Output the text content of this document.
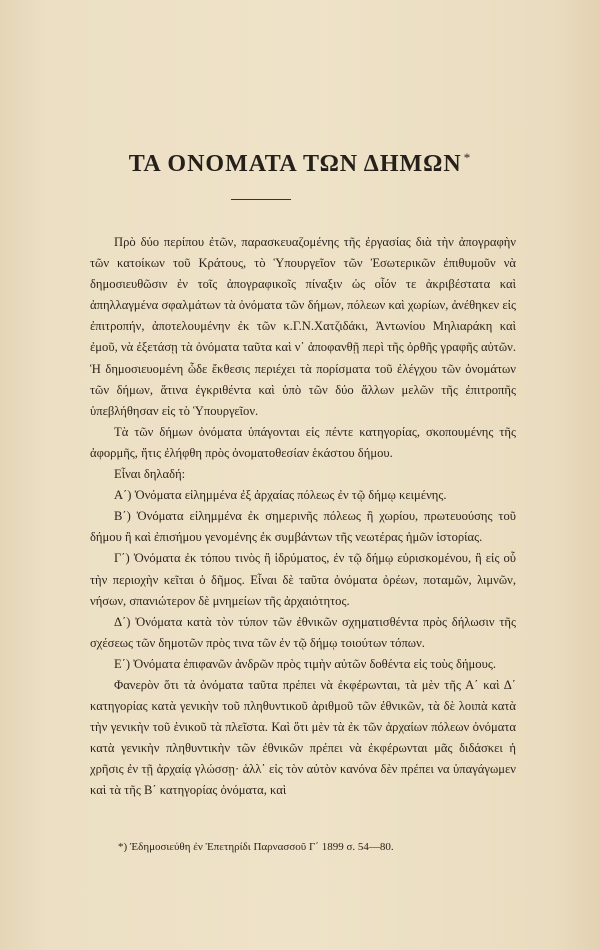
ΤΑ ΟΝΟΜΑΤΑ ΤΩΝ ΔΗΜΩΝ *

Πρὸ δύο περίπου ἐτῶν, παρασκευαζομένης τῆς ἐργασίας διὰ τὴν ἀπογραφὴν τῶν κατοίκων τοῦ Κράτους, τὸ Ὑπουργεῖον τῶν Ἐσωτερικῶν ἐπιθυμοῦν νὰ δημοσιευθῶσιν ἐν τοῖς ἀπογραφικοῖς πίναξιν ὡς οἷόν τε ἀκριβέστατα καὶ ἀπηλλαγμένα σφαλμάτων τὰ ὀνόματα τῶν δήμων, πόλεων καὶ χωρίων, ἀνέθηκεν εἰς ἐπιτροπήν, ἀποτελουμένην ἐκ τῶν κ.Γ.Ν.Χατζιδάκι, Ἀντωνίου Μηλιαράκη καὶ ἐμοῦ, νὰ ἐξετάσῃ τὰ ὀνόματα ταῦτα καὶ ν᾿ ἀποφανθῇ περὶ τῆς ὀρθῆς γραφῆς αὐτῶν. Ἡ δημοσιευομένη ὧδε ἔκθεσις περιέχει τὰ πορίσματα τοῦ ἐλέγχου τῶν ὀνομάτων τῶν δήμων, ἅτινα ἐγκριθέντα καὶ ὑπὸ τῶν δύο ἄλλων μελῶν τῆς ἐπιτροπῆς ὑπεβλήθησαν εἰς τὸ Ὑπουργεῖον.

Τὰ τῶν δήμων ὀνόματα ὑπάγονται εἰς πέντε κατηγορίας, σκοπουμένης τῆς ἀφορμῆς, ἥτις ἐλήφθη πρὸς ὀνοματοθεσίαν ἑκάστου δήμου.

Εἶναι δηλαδή:

Α΄) Ὀνόματα εἰλημμένα ἐξ ἀρχαίας πόλεως ἐν τῷ δήμῳ κειμένης.

Β΄) Ὀνόματα εἰλημμένα ἐκ σημερινῆς πόλεως ἢ χωρίου, πρωτευούσης τοῦ δήμου ἢ καὶ ἐπισήμου γενομένης ἐκ συμβάντων τῆς νεωτέρας ἡμῶν ἱστορίας.

Γ΄) Ὀνόματα ἐκ τόπου τινὸς ἢ ἱδρύματος, ἐν τῷ δήμῳ εὑρισκομένου, ἢ εἰς οὗ τὴν περιοχὴν κεῖται ὁ δῆμος. Εἶναι δὲ ταῦτα ὀνόματα ὀρέων, ποταμῶν, λιμνῶν, νήσων, σπανιώτερον δὲ μνημείων τῆς ἀρχαιότητος.

Δ΄) Ὀνόματα κατὰ τὸν τύπον τῶν ἐθνικῶν σχηματισθέντα πρὸς δήλωσιν τῆς σχέσεως τῶν δημοτῶν πρὸς τινα τῶν ἐν τῷ δήμῳ τοιούτων τόπων.

Ε΄) Ὀνόματα ἐπιφανῶν ἀνδρῶν πρὸς τιμὴν αὐτῶν δοθέντα εἰς τοὺς δήμους.

Φανερὸν ὅτι τὰ ὀνόματα ταῦτα πρέπει νὰ ἐκφέρωνται, τὰ μὲν τῆς Α΄ καὶ Δ΄ κατηγορίας κατὰ γενικὴν τοῦ πληθυντικοῦ ἀριθμοῦ τῶν ἐθνικῶν, τὰ δὲ λοιπὰ κατὰ τὴν γενικὴν τοῦ ἑνικοῦ τὰ πλεῖστα. Καὶ ὅτι μὲν τὰ ἐκ τῶν ἀρχαίων πόλεων ὀνόματα κατὰ γενικὴν πληθυντικὴν τῶν ἐθνικῶν πρέπει νὰ ἐκφέρωνται μᾶς διδάσκει ἡ χρῆσις ἐν τῇ ἀρχαίᾳ γλώσσῃ· ἀλλ᾿ εἰς τὸν αὐτὸν κανόνα δὲν πρέπει να ὑπαγάγωμεν καὶ τὰ τῆς Β΄ κατηγορίας ὀνόματα, καὶ

*) Ἐδημοσιεύθη ἐν Ἐπετηρίδι Παρνασσοῦ Γ΄ 1899 σ. 54—80.
